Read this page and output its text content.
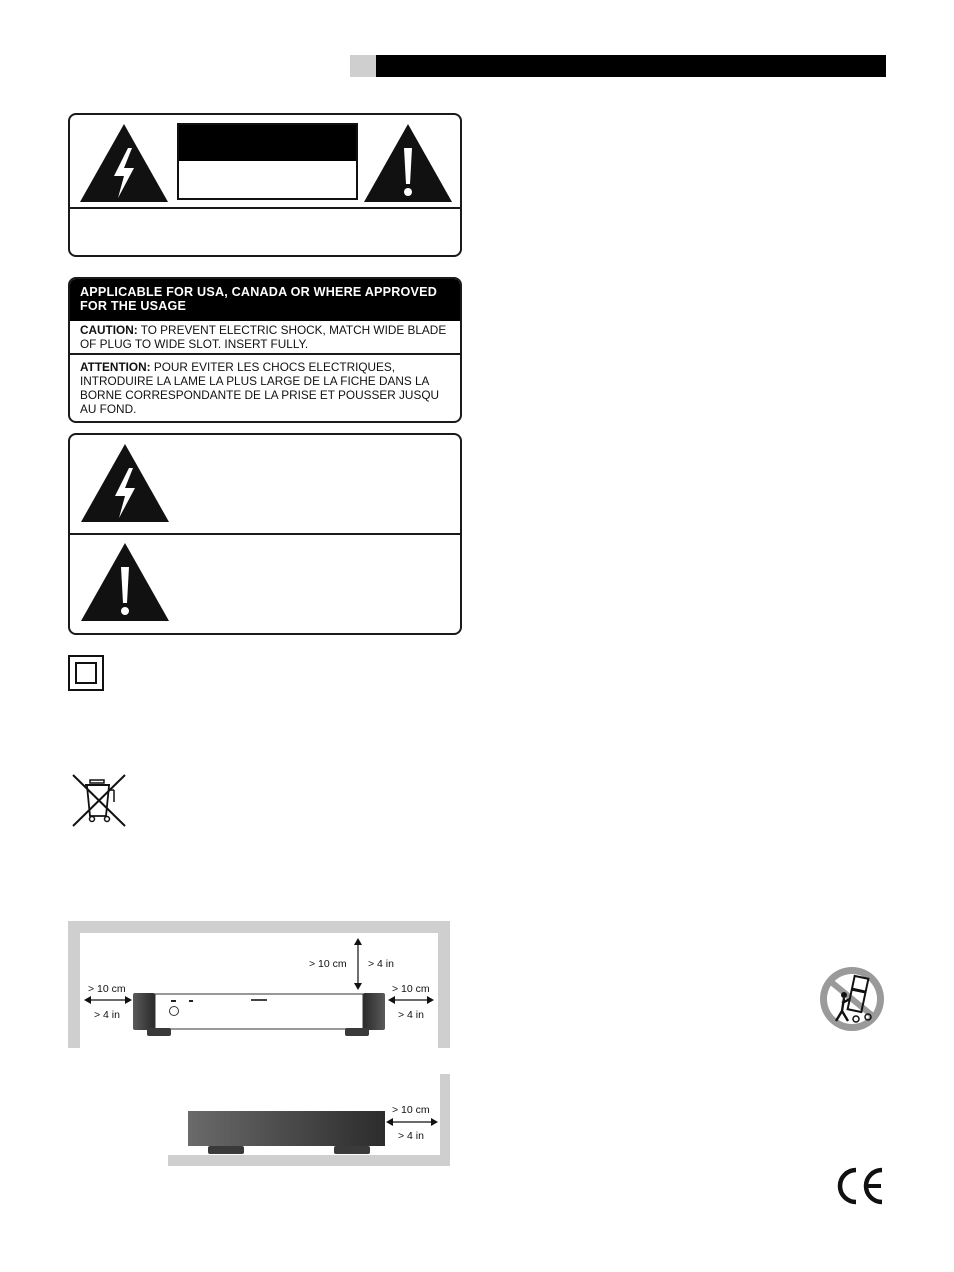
APPLICABLE FOR USA, CANADA OR WHERE APPROVED FOR THE USAGE
CAUTION: TO PREVENT ELECTRIC SHOCK, MATCH WIDE BLADE OF PLUG TO WIDE SLOT. INSERT FULLY.
ATTENTION: POUR EVITER LES CHOCS ELECTRIQUES, INTRODUIRE LA LAME LA PLUS LARGE DE LA FICHE DANS LA BORNE CORRESPONDANTE DE LA PRISE ET POUSSER JUSQU AU FOND.
> 10 cm > 4 in
> 10 cm
> 4 in
> 10 cm
> 4 in
> 10 cm
> 4 in
